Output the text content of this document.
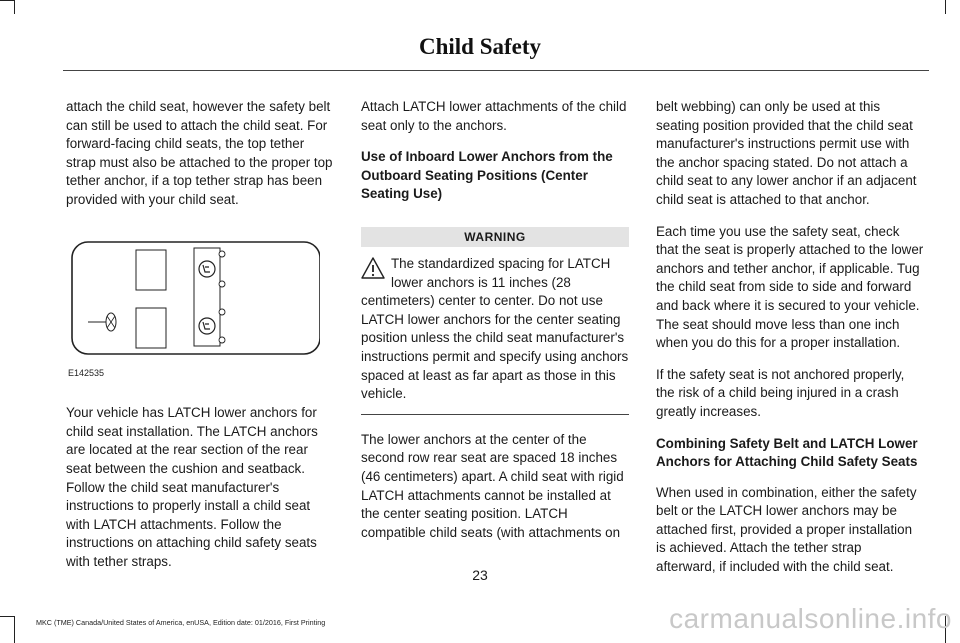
Child Safety

attach the child seat, however the safety belt can still be used to attach the child seat. For forward-facing child seats, the top tether strap must also be attached to the proper top tether anchor, if a top tether strap has been provided with your child seat.

E142535

Your vehicle has LATCH lower anchors for child seat installation. The LATCH anchors are located at the rear section of the rear seat between the cushion and seatback. Follow the child seat manufacturer's instructions to properly install a child seat with LATCH attachments. Follow the instructions on attaching child safety seats with tether straps.

Attach LATCH lower attachments of the child seat only to the anchors.

Use of Inboard Lower Anchors from the Outboard Seating Positions (Center Seating Use)
WARNING
The standardized spacing for LATCH lower anchors is 11 inches (28 centimeters) center to center. Do not use LATCH lower anchors for the center seating position unless the child seat manufacturer's instructions permit and specify using anchors spaced at least as far apart as those in this vehicle.

The lower anchors at the center of the second row rear seat are spaced 18 inches (46 centimeters) apart. A child seat with rigid LATCH attachments cannot be installed at the center seating position. LATCH compatible child seats (with attachments on

belt webbing) can only be used at this seating position provided that the child seat manufacturer's instructions permit use with the anchor spacing stated. Do not attach a child seat to any lower anchor if an adjacent child seat is attached to that anchor.

Each time you use the safety seat, check that the seat is properly attached to the lower anchors and tether anchor, if applicable. Tug the child seat from side to side and forward and back where it is secured to your vehicle. The seat should move less than one inch when you do this for a proper installation.

If the safety seat is not anchored properly, the risk of a child being injured in a crash greatly increases.

Combining Safety Belt and LATCH Lower Anchors for Attaching Child Safety Seats

When used in combination, either the safety belt or the LATCH lower anchors may be attached first, provided a proper installation is achieved. Attach the tether strap afterward, if included with the child seat.

23
MKC (TME) Canada/United States of America, enUSA, Edition date: 01/2016, First Printing	carmanualsonline.info
